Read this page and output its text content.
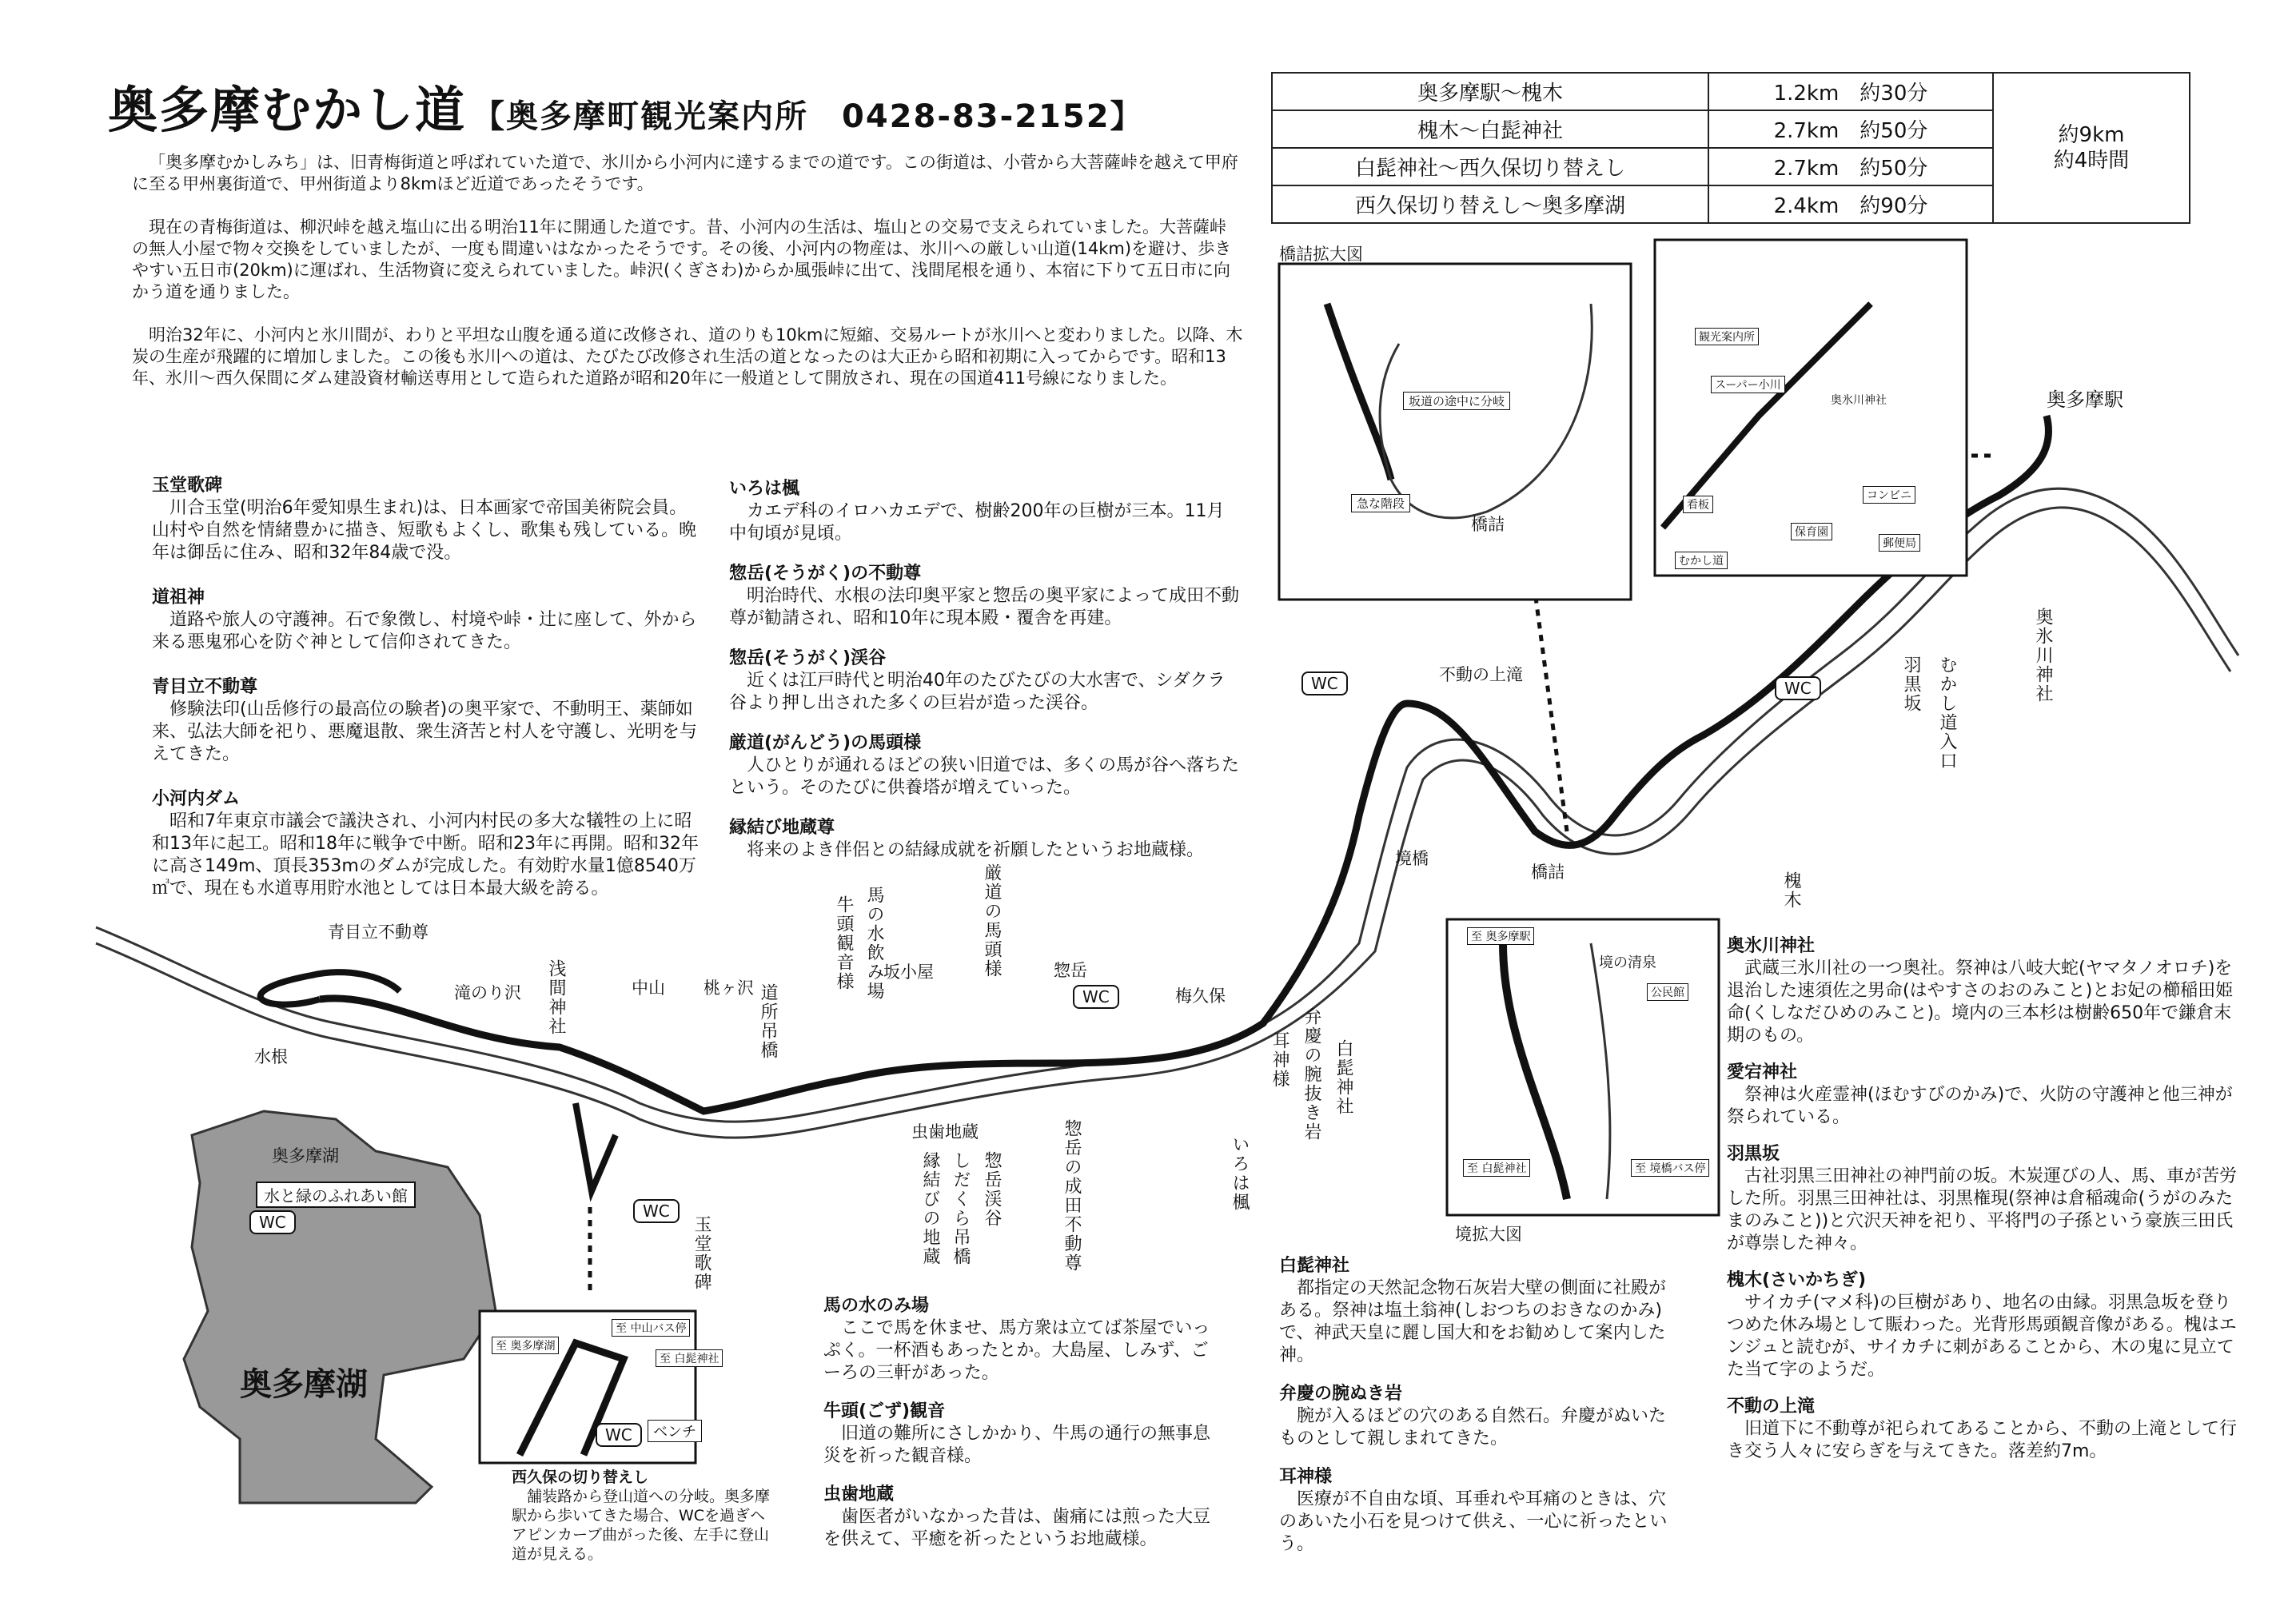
奥多摩むかし道 【奥多摩町観光案内所　0428-83-2152】

「奥多摩むかしみち」は、旧青梅街道と呼ばれていた道で、氷川から小河内に達するまでの道です。この街道は、小菅から大菩薩峠を越えて甲府に至る甲州裏街道で、甲州街道より8kmほど近道であったそうです。

現在の青梅街道は、柳沢峠を越え塩山に出る明治11年に開通した道です。昔、小河内の生活は、塩山との交易で支えられていました。大菩薩峠の無人小屋で物々交換をしていましたが、一度も間違いはなかったそうです。その後、小河内の物産は、氷川への厳しい山道(14km)を避け、歩きやすい五日市(20km)に運ばれ、生活物資に変えられていました。峠沢(くぎさわ)からか風張峠に出て、浅間尾根を通り、本宿に下りて五日市に向かう道を通りました。

明治32年に、小河内と氷川間が、わりと平坦な山腹を通る道に改修され、道のりも10kmに短縮、交易ルートが氷川へと変わりました。以降、木炭の生産が飛躍的に増加しました。この後も氷川への道は、たびたび改修され生活の道となったのは大正から昭和初期に入ってからです。昭和13年、氷川～西久保間にダム建設資材輸送専用として造られた道路が昭和20年に一般道として開放され、現在の国道411号線になりました。

奥多摩駅～槐木	1.2km　約30分	約9km
約4時間

槐木～白髭神社	2.7km　約50分	
白髭神社～西久保切り替えし	2.7km　約50分	
西久保切り替えし～奥多摩湖	2.4km　約90分	
奥多摩湖
奥多摩湖
水と緑のふれあい館
WC
WC
WC
WC	WC
WC
奥多摩駅
水根
滝のり沢	中山 桃ヶ沢
坂小屋	惣岳
梅久保
境橋
橋詰
不動の上滝
虫歯地蔵
青目立不動尊
浅間神社
牛頭観音様 馬の水飲み場
道所吊橋
厳道の馬頭様
玉堂歌碑	縁結びの地蔵 しだくら吊橋 惣岳渓谷	惣岳の成田不動尊	いろは楓
耳神様 弁慶の腕抜き岩 白髭神社
槐木
羽黒坂 むかし道入口	奥氷川神社
橋詰拡大図
坂道の途中に分岐
急な階段
橋詰
観光案内所
スーパー小川
奥氷川神社
看板
コンビニ
保育園
郵便局
むかし道
境拡大図
至 奥多摩駅
境の清泉
公民館
至 白髭神社	至 境橋バス停
至 中山バス停
至 奥多摩湖
至 白髭神社
ベンチ
西久保の切り替えし

舗装路から登山道への分岐。奥多摩駅から歩いてきた場合、WCを過ぎヘアピンカーブ曲がった後、左手に登山道が見える。

玉堂歌碑

川合玉堂(明治6年愛知県生まれ)は、日本画家で帝国美術院会員。山村や自然を情緒豊かに描き、短歌もよくし、歌集も残している。晩年は御岳に住み、昭和32年84歳で没。

道祖神

道路や旅人の守護神。石で象徴し、村境や峠・辻に座して、外から来る悪鬼邪心を防ぐ神として信仰されてきた。

青目立不動尊

修験法印(山岳修行の最高位の験者)の奥平家で、不動明王、薬師如来、弘法大師を祀り、悪魔退散、衆生済苦と村人を守護し、光明を与えてきた。

小河内ダム

昭和7年東京市議会で議決され、小河内村民の多大な犠牲の上に昭和13年に起工。昭和18年に戦争で中断。昭和23年に再開。昭和32年に高さ149m、頂長353mのダムが完成した。有効貯水量1億8540万㎥で、現在も水道専用貯水池としては日本最大級を誇る。

いろは楓

カエデ科のイロハカエデで、樹齢200年の巨樹が三本。11月中旬頃が見頃。

惣岳(そうがく)の不動尊

明治時代、水根の法印奥平家と惣岳の奥平家によって成田不動尊が勧請され、昭和10年に現本殿・覆舎を再建。

惣岳(そうがく)渓谷

近くは江戸時代と明治40年のたびたびの大水害で、シダクラ谷より押し出された多くの巨岩が造った渓谷。

厳道(がんどう)の馬頭様

人ひとりが通れるほどの狭い旧道では、多くの馬が谷へ落ちたという。そのたびに供養塔が増えていった。

縁結び地蔵尊

将来のよき伴侶との結縁成就を祈願したというお地蔵様。

馬の水のみ場

ここで馬を休ませ、馬方衆は立てば茶屋でいっぷく。一杯酒もあったとか。大島屋、しみず、ごーろの三軒があった。

牛頭(ごず)観音

旧道の難所にさしかかり、牛馬の通行の無事息災を祈った観音様。

虫歯地蔵

歯医者がいなかった昔は、歯痛には煎った大豆を供えて、平癒を祈ったというお地蔵様。

白髭神社

都指定の天然記念物石灰岩大壁の側面に社殿がある。祭神は塩土翁神(しおつちのおきなのかみ)で、神武天皇に麗し国大和をお勧めして案内した神。

弁慶の腕ぬき岩

腕が入るほどの穴のある自然石。弁慶がぬいたものとして親しまれてきた。

耳神様

医療が不自由な頃、耳垂れや耳痛のときは、穴のあいた小石を見つけて供え、一心に祈ったという。

奥氷川神社

武蔵三氷川社の一つ奥社。祭神は八岐大蛇(ヤマタノオロチ)を退治した速須佐之男命(はやすさのおのみこと)とお妃の櫛稲田姫命(くしなだひめのみこと)。境内の三本杉は樹齢650年で鎌倉末期のもの。

愛宕神社

祭神は火産霊神(ほむすびのかみ)で、火防の守護神と他三神が祭られている。

羽黒坂

古社羽黒三田神社の神門前の坂。木炭運びの人、馬、車が苦労した所。羽黒三田神社は、羽黒権現(祭神は倉稲魂命(うがのみたまのみこと))と穴沢天神を祀り、平将門の子孫という豪族三田氏が尊崇した神々。

槐木(さいかちぎ)

サイカチ(マメ科)の巨樹があり、地名の由縁。羽黒急坂を登りつめた休み場として賑わった。光背形馬頭観音像がある。槐はエンジュと読むが、サイカチに刺があることから、木の鬼に見立てた当て字のようだ。

不動の上滝

旧道下に不動尊が祀られてあることから、不動の上滝として行き交う人々に安らぎを与えてきた。落差約7m。
